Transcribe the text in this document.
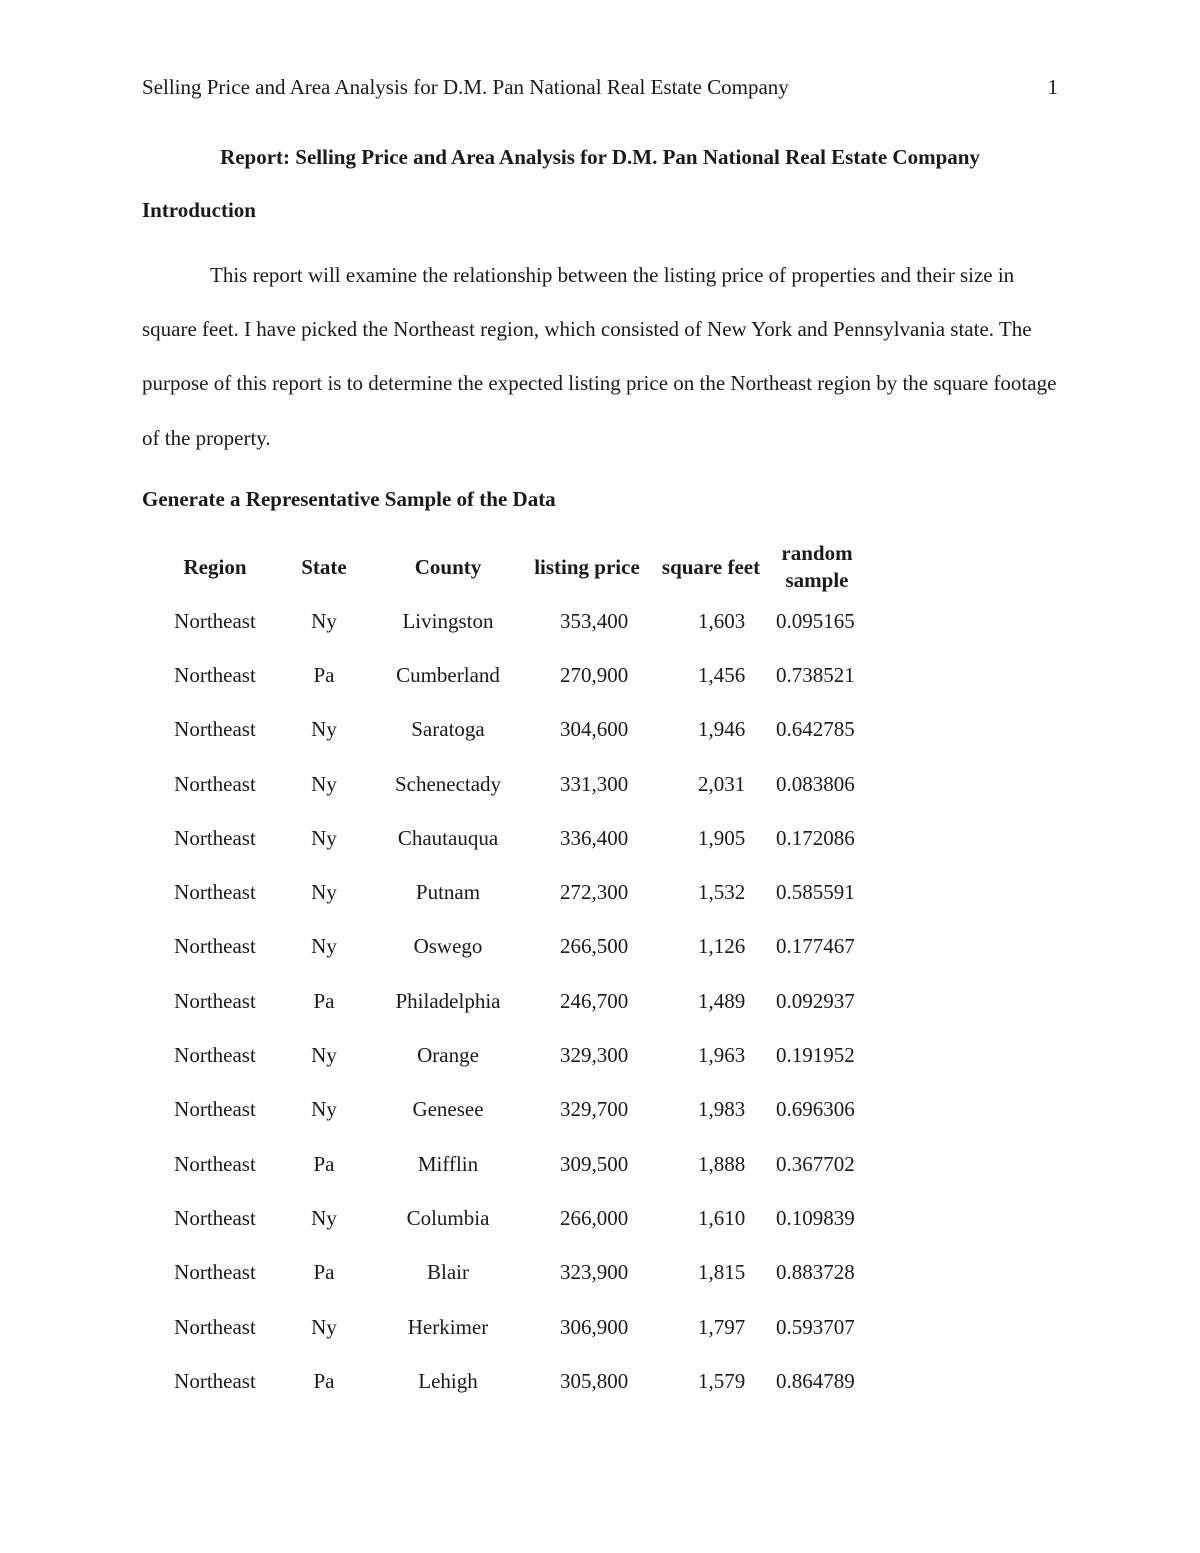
Selling Price and Area Analysis for D.M. Pan National Real Estate Company	1
Report: Selling Price and Area Analysis for D.M. Pan National Real Estate Company
Introduction

This report will examine the relationship between the listing price of properties and their size in square feet. I have picked the Northeast region, which consisted of New York and Pennsylvania state. The purpose of this report is to determine the expected listing price on the Northeast region by the square footage of the property.

Generate a Representative Sample of the Data
Region	State	County	listing price	square feet	random sample
Northeast	Ny	Livingston	353,400	1,603	0.095165

Northeast	Pa	Cumberland	270,900	1,456	0.738521

Northeast	Ny	Saratoga	304,600	1,946	0.642785

Northeast	Ny	Schenectady	331,300	2,031	0.083806

Northeast	Ny	Chautauqua	336,400	1,905	0.172086

Northeast	Ny	Putnam	272,300	1,532	0.585591

Northeast	Ny	Oswego	266,500	1,126	0.177467

Northeast	Pa	Philadelphia	246,700	1,489	0.092937

Northeast	Ny	Orange	329,300	1,963	0.191952

Northeast	Ny	Genesee	329,700	1,983	0.696306

Northeast	Pa	Mifflin	309,500	1,888	0.367702

Northeast	Ny	Columbia	266,000	1,610	0.109839

Northeast	Pa	Blair	323,900	1,815	0.883728

Northeast	Ny	Herkimer	306,900	1,797	0.593707

Northeast	Pa	Lehigh	305,800	1,579	0.864789
